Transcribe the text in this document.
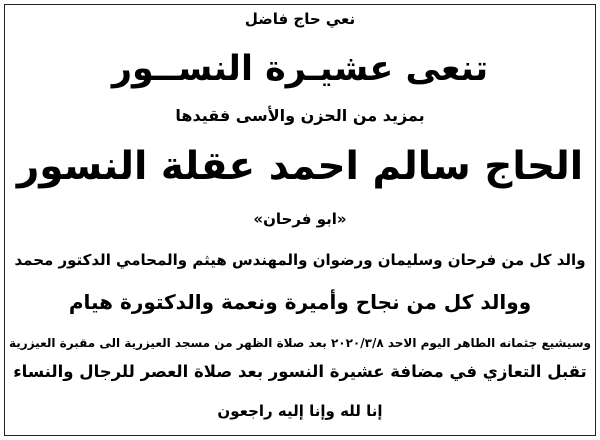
نعي حاج فاضل

تنعى عشيـرة النســور

بمزيد من الحزن والأسى فقيدها

الحاج سالم احمد عقلة النسور

«ابو فرحان»

والد كل من فرحان وسليمان ورضوان والمهندس هيثم والمحامي الدكتور محمد

ووالد كل من نجاح وأميرة ونعمة والدكتورة هيام

وسيشيع جثمانه الطاهر اليوم الاحد ٢٠٢٠/٣/٨ بعد صلاة الظهر من مسجد العيزرية الى مقبرة العيزرية

تقبل التعازي في مضافة عشيرة النسور بعد صلاة العصر للرجال والنساء

إنا لله وإنا إليه راجعون
